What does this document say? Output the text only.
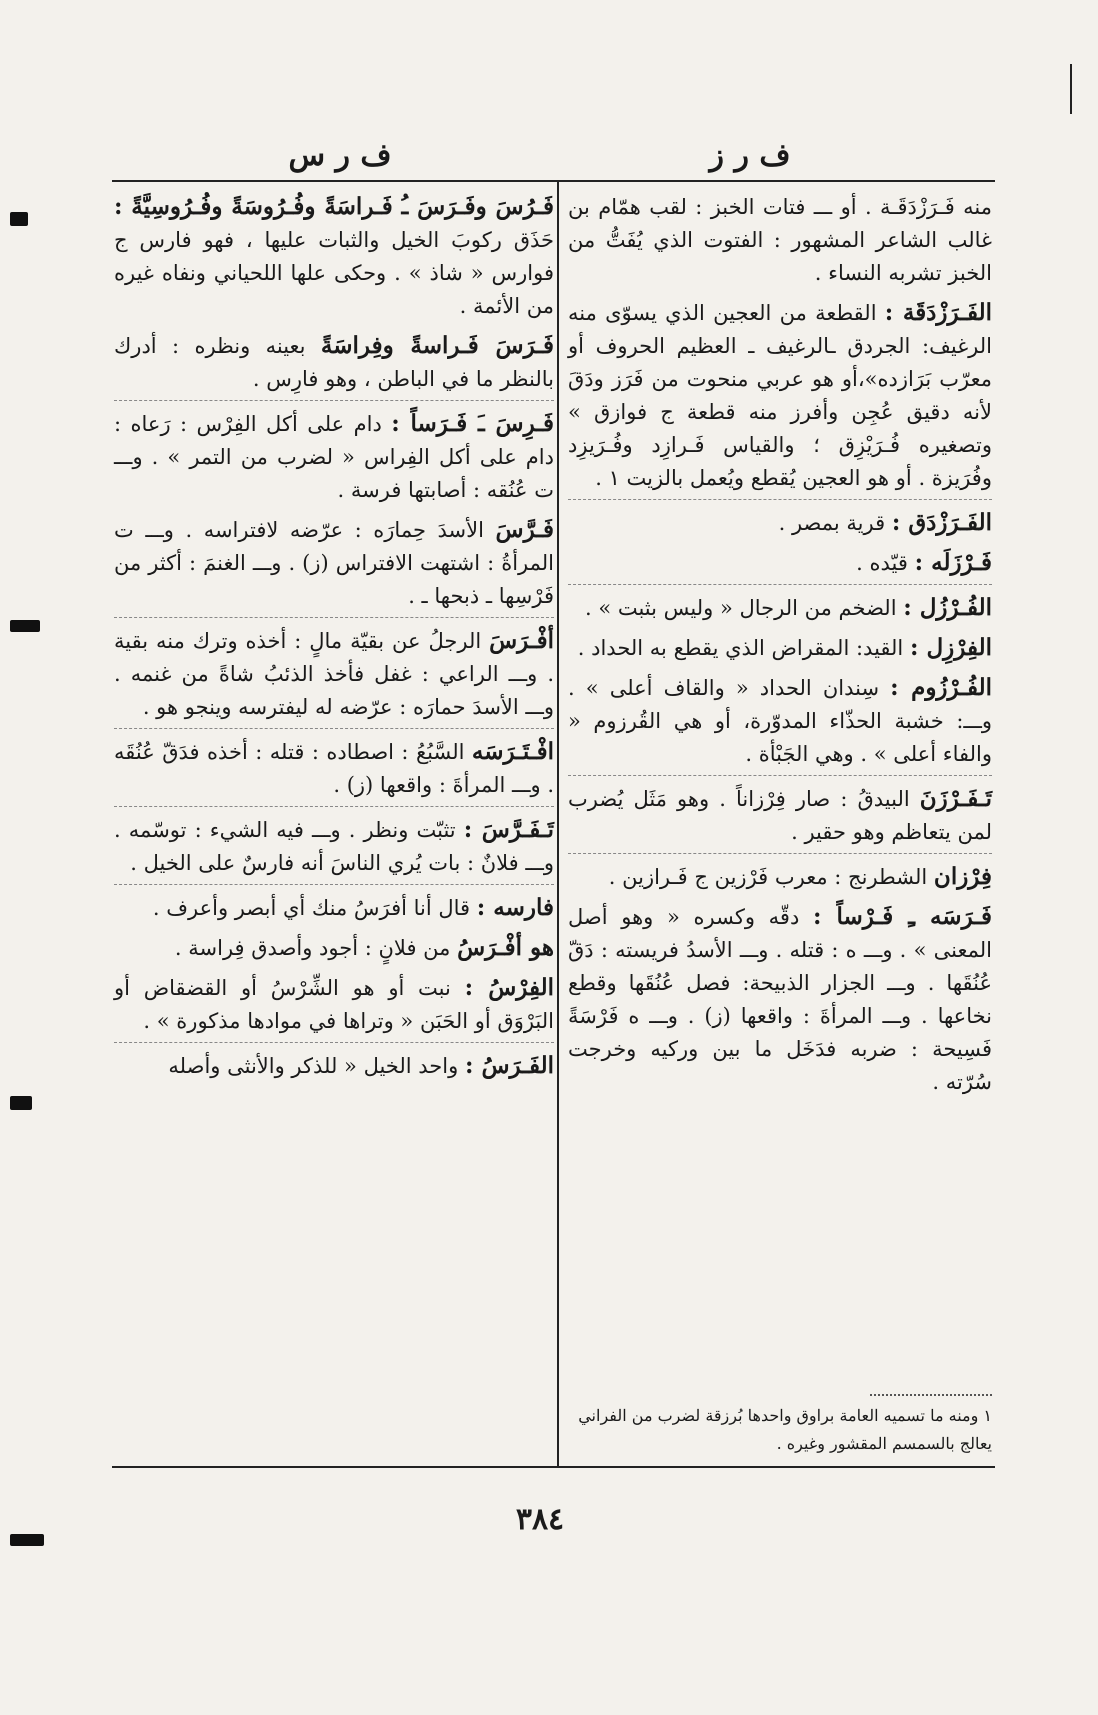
ف ر ز
ف ر س
منه فَـرَزْدَقَـة . أو ـــ فتات الخبز : لقب همّام بن غالب الشاعر المشهور : الفتوت الذي يُفَتُّ من الخبز تشربه النساء .
الفَـرَزْدَقَة : القطعة من العجين الذي يسوّى منه الرغيف: الجردق ـالرغيف ـ العظيم الحروف أو معرّب بَرَازده»،أو هو عربي منحوت من فَرَز ودَقَ لأنه دقيق عُجِن وأفرز منه قطعة ج فوازق » وتصغيره فُـرَيْزِق ؛ والقياس فَـرازِد وفُـرَيزِد وفُرَيزة . أو هو العجين يُقطع ويُعمل بالزيت ١ .
الفَـرَزْدَق : قرية بمصر .
فَـرْزَلَه : قيّده .
الفُـرْزُل : الضخم من الرجال « وليس بثبت » .
الفِرْزِل : القيد: المقراض الذي يقطع به الحداد .
الفُـرْزُوم : سِندان الحداد « والقاف أعلى » . وـــ: خشبة الحذّاء المدوّرة، أو هي القُرزوم « والفاء أعلى » . وهي الجَبْأة .
تَـفَـرْزَنَ البيدقُ : صار فِرْزاناً . وهو مَثَل يُضرب لمن يتعاظم وهو حقير .
فِرْزان الشطرنج : معرب فَرْزين ج فَـرازين .
فَـرَسَه ـِ فَـرْساً : دقّه وكسره « وهو أصل المعنى » . وـــ ه : قتله . وـــ الأسدُ فريسته : دَقّ عُنُقَها . وـــ الجزار الذبيحة: فصل عُنُقَها وقطع نخاعها . وـــ المرأةَ : واقعها (ز) . وـــ ه فَرْسَةً فَسِيحة : ضربه فدَخَل ما بين وركيه وخرجت سُرّته .
١ ومنه ما تسميه العامة براوق واحدها بُرزقة لضرب من الفراني يعالج بالسمسم المقشور وغيره .
فَـرُسَ وفَـرَسَ ـُ فَـراسَةً وفُـرُوسَةً وفُـرُوسِيَّةً : حَذَق ركوبَ الخيل والثبات عليها ، فهو فارس ج فوارس « شاذ » . وحكى علها اللحياني ونفاه غيره من الأئمة .
فَـرَسَ فَـراسةً وفِراسَةً بعينه ونظره : أدرك بالنظر ما في الباطن ، وهو فارِس .
فَـرِسَ ـَ فَـرَساً : دام على أكل الفِرْس : رَعاه : دام على أكل الفِراس « لضرب من التمر » . وـــ ت عُنُقه : أصابتها فرسة .
فَـرَّسَ الأسدَ حِمارَه : عرّضه لافتراسه . وـــ ت المرأةُ : اشتهت الافتراس (ز) . وـــ الغنمَ : أكثر من فَرْسِها ـ ذبحها ـ .
أفْـرَسَ الرجلُ عن بقيّة مالٍ : أخذه وترك منه بقية . وـــ الراعي : غفل فأخذ الذئبُ شاةً من غنمه . وـــ الأسدَ حمارَه : عرّضه له ليفترسه وينجو هو .
افْـتَـرَسَه السَّبُعُ : اصطاده : قتله : أخذه فدَقّ عُنُقَه . وـــ المرأةَ : واقعها (ز) .
تَـفَـرَّسَ : تثبّت ونظر . وـــ فيه الشيء : توسّمه . وـــ فلانٌ : بات يُري الناسَ أنه فارسٌ على الخيل .
فارسه : قال أنا أفرَسُ منك أي أبصر وأعرف .
هو أفْـرَسُ من فلانٍ : أجود وأصدق فِراسة .
الفِرْسُ : نبت أو هو الشِّرْسُ أو القضقاض أو البَرْوَق أو الحَبَن « وتراها في موادها مذكورة » .
الفَـرَسُ : واحد الخيل « للذكر والأنثى وأصله
٣٨٤
